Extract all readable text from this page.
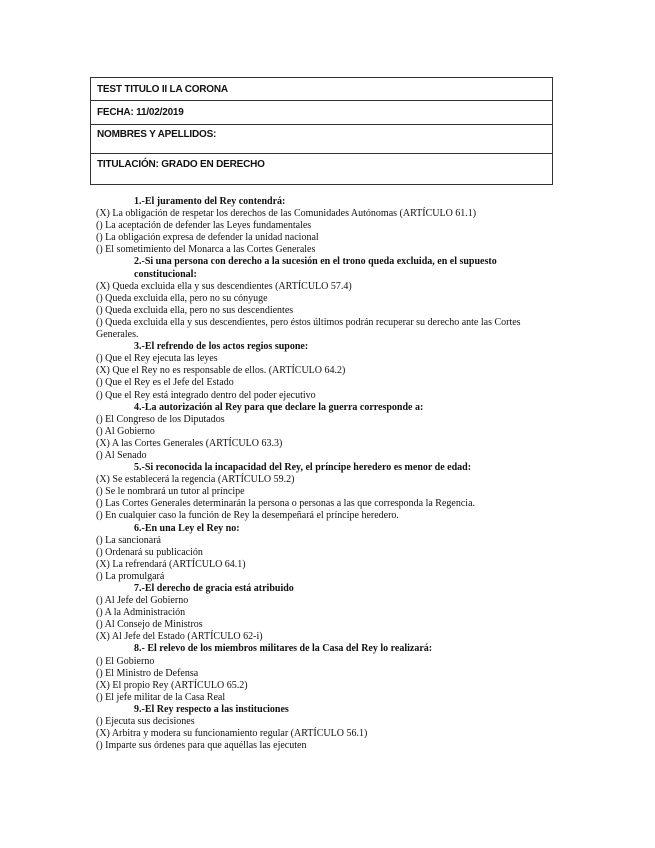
TEST TITULO II LA CORONA
FECHA: 11/02/2019
NOMBRES Y APELLIDOS:
TITULACIÓN: GRADO EN DERECHO
1.-El juramento del Rey contendrá:
(X) La obligación de respetar los derechos de las Comunidades Autónomas (ARTÍCULO 61.1)
() La aceptación de defender las Leyes fundamentales
() La obligación expresa de defender la unidad nacional
() El sometimiento del Monarca a las Cortes Generales
2.-Si una persona con derecho a la sucesión en el trono queda excluida, en el supuesto constitucional:
(X) Queda excluida ella y sus descendientes (ARTÍCULO 57.4)
() Queda excluida ella, pero no su cónyuge
() Queda excluida ella, pero no sus descendientes
() Queda excluida ella y sus descendientes, pero éstos últimos podrán recuperar su derecho ante las Cortes Generales.
3.-El refrendo de los actos regios supone:
() Que el Rey ejecuta las leyes
(X) Que el Rey no es responsable de ellos. (ARTÍCULO 64.2)
() Que el Rey es el Jefe del Estado
() Que el Rey está integrado dentro del poder ejecutivo
4.-La autorización al Rey para que declare la guerra corresponde a:
() El Congreso de los Diputados
() Al Gobierno
(X) A las Cortes Generales (ARTÍCULO 63.3)
() Al Senado
5.-Si reconocida la incapacidad del Rey, el príncipe heredero es menor de edad:
(X) Se establecerá la regencia (ARTÍCULO 59.2)
() Se le nombrará un tutor al príncipe
() Las Cortes Generales determinarán la persona o personas a las que corresponda la Regencia.
() En cualquier caso la función de Rey la desempeñará el príncipe heredero.
6.-En una Ley el Rey no:
() La sancionará
() Ordenará su publicación
(X) La refrendará (ARTÍCULO 64.1)
() La promulgará
7.-El derecho de gracia está atribuido
() Al Jefe del Gobierno
() A la Administración
() Al Consejo de Ministros
(X) Al Jefe del Estado (ARTÍCULO 62-i)
8.- El relevo de los miembros militares de la Casa del Rey lo realizará:
() El Gobierno
() El Ministro de Defensa
(X) El propio Rey (ARTÍCULO 65.2)
() El jefe militar de la Casa Real
9.-El Rey respecto a las instituciones
() Ejecuta sus decisiones
(X) Arbitra y modera su funcionamiento regular (ARTÍCULO 56.1)
() Imparte sus órdenes para que aquéllas las ejecuten
